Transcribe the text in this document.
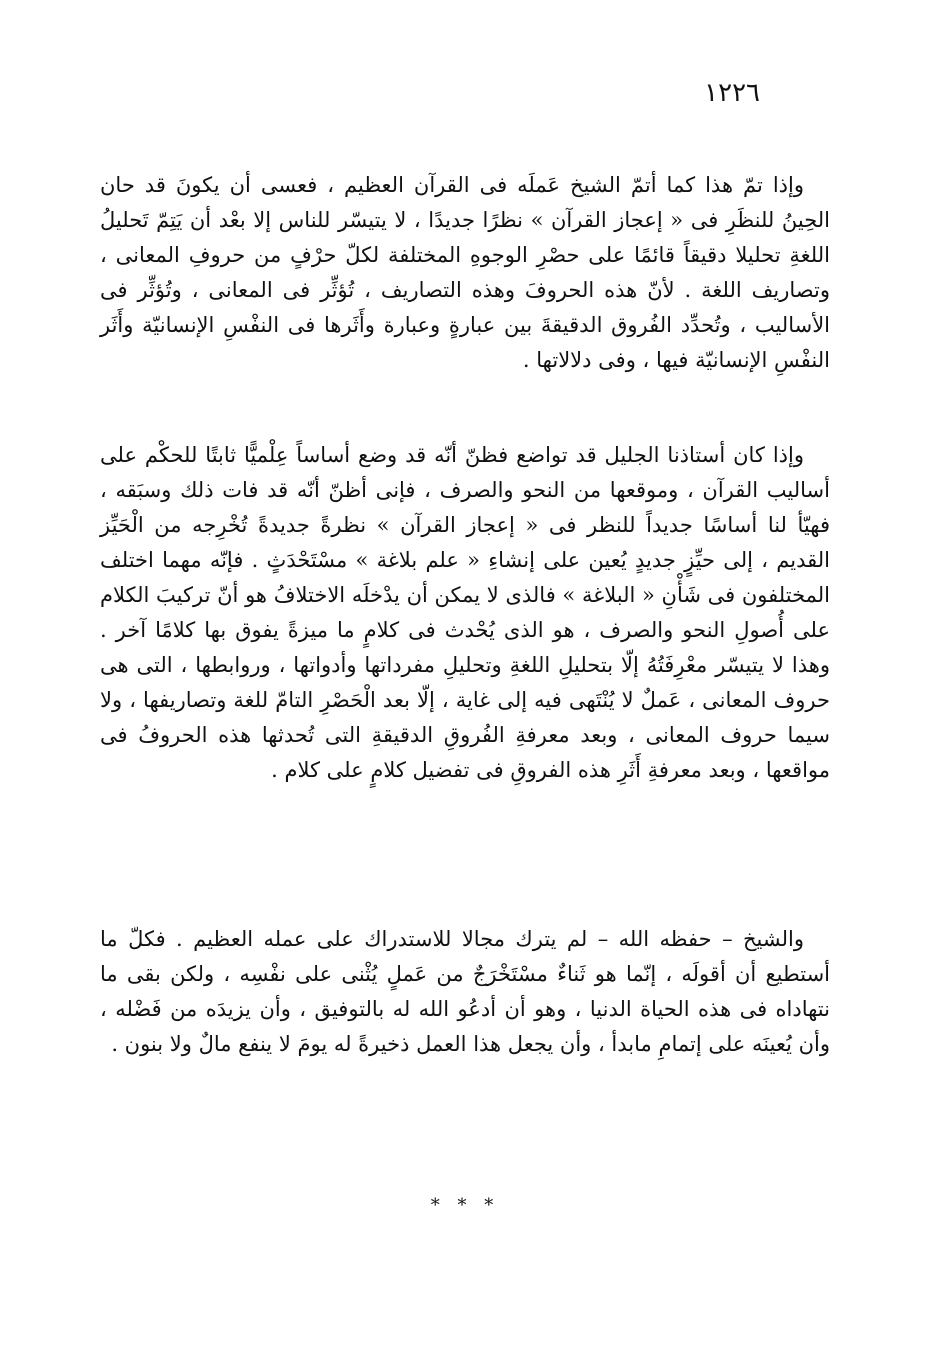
١٢٢٦

وإذا تمّ هذا كما أتمّ الشيخ عَملَه فى القرآن العظيم ، فعسى أن يكونَ قد حان الحِينُ للنظَرِ فى « إعجاز القرآن » نظرًا جديدًا ، لا يتيسّر للناس إلا بعْد أن يَتِمّ تَحليلُ اللغةِ تحليلا دقيقاً قائمًا على حصْرِ الوجوهِ المختلفة لكلّ حرْفٍ من حروفِ المعانى ، وتصاريف اللغة . لأنّ هذه الحروفَ وهذه التصاريف ، تُؤثِّر فى المعانى ، وتُؤثِّر فى الأساليب ، وتُحدِّد الفُروق الدقيقةَ بين عبارةٍ وعبارة وأَثَرها فى النفْسِ الإنسانيّة وأَثَر النفْسِ الإنسانيّة فيها ، وفى دلالاتها .

وإذا كان أستاذنا الجليل قد تواضع فظنّ أنّه قد وضع أساساً عِلْميًّا ثابتًا للحكْم على أساليب القرآن ، وموقعها من النحو والصرف ، فإنى أظنّ أنّه قد فات ذلك وسبَقه ، فهيّأ لنا أساسًا جديداً للنظر فى « إعجاز القرآن » نظرةً جديدةً تُخْرِجه من الْحَيِّز القديم ، إلى حيِّزٍ جديدٍ يُعين على إنشاءِ « علم بلاغة » مسْتَحْدَثٍ . فإنّه مهما اختلف المختلفون فى شَأْنِ « البلاغة » فالذى لا يمكن أن يدْخلَه الاختلافُ هو أنّ تركيبَ الكلام على أُصولِ النحو والصرف ، هو الذى يُحْدث فى كلامٍ ما ميزةً يفوق بها كلامًا آخر . وهذا لا يتيسّر معْرِفَتُهُ إلّا بتحليلِ اللغةِ وتحليلِ مفرداتها وأدواتها ، وروابطها ، التى هى حروف المعانى ، عَملٌ لا يُنْتَهى فيه إلى غاية ، إلّا بعد الْحَصْرِ التامّ للغة وتصاريفها ، ولا سيما حروف المعانى ، وبعد معرفةِ الفُروقِ الدقيقةِ التى تُحدثها هذه الحروفُ فى مواقعها ، وبعد معرفةِ أَثَرِ هذه الفروقِ فى تفضيل كلامٍ على كلام .

والشيخ – حفظه الله – لم يترك مجالا للاستدراك على عمله العظيم . فكلّ ما أستطيع أن أقولَه ، إنّما هو ثَناءٌ مسْتَخْرَجٌ من عَملٍ يُثْنى على نفْسِه ، ولكن بقى ما نتهاداه فى هذه الحياة الدنيا ، وهو أن أدعُو الله له بالتوفيق ، وأن يزيدَه من فَضْله ، وأن يُعينَه على إتمامِ مابدأ ، وأن يجعل هذا العمل ذخيرةً له يومَ لا ينفع مالٌ ولا بنون .

* * *
